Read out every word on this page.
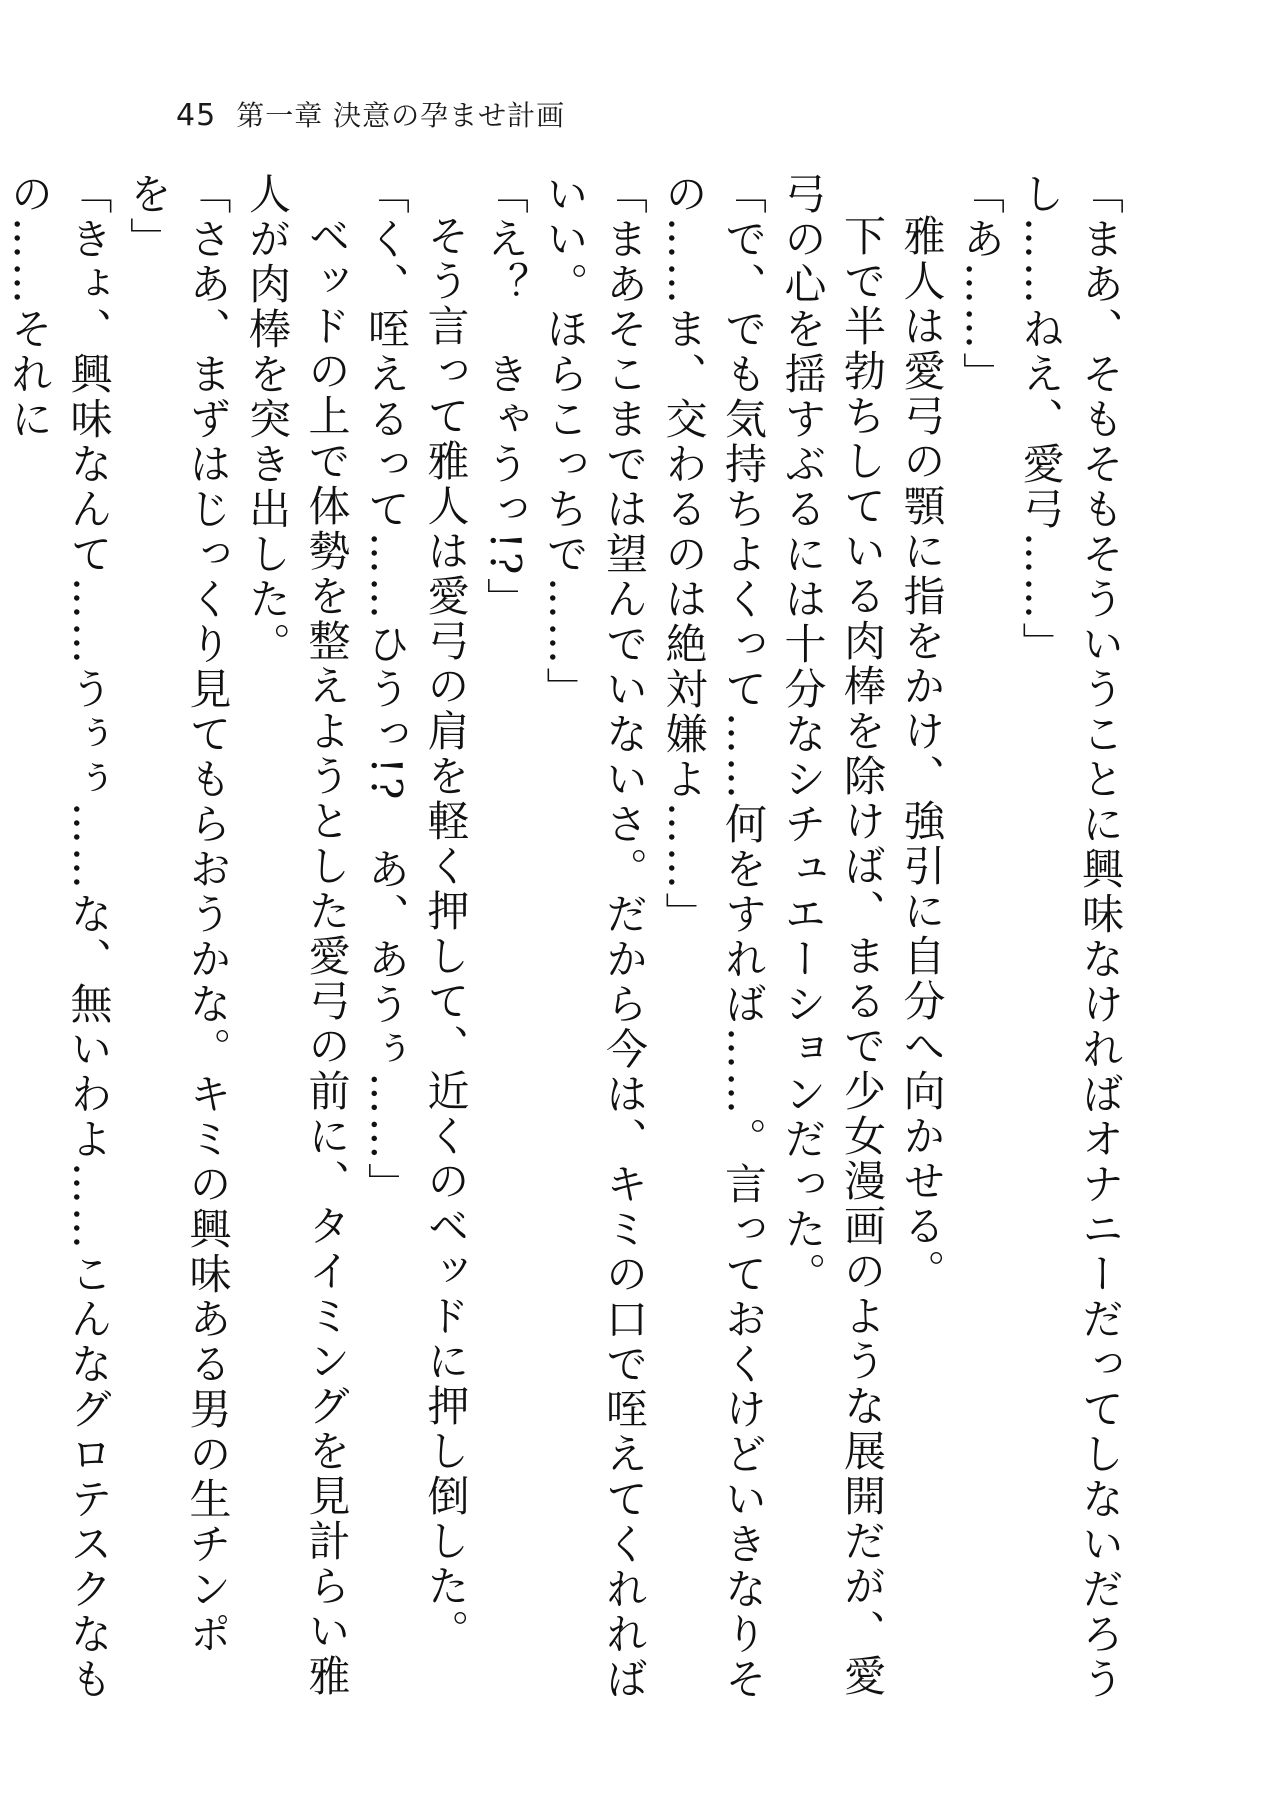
45 第一章 決意の孕ませ計画

「まあ、そもそもそういうことに興味なければオナニーだってしないだろうし……ねえ、愛弓……」

「あ……」

雅人は愛弓の顎に指をかけ、強引に自分へ向かせる。

下で半勃ちしている肉棒を除けば、まるで少女漫画のような展開だが、愛弓の心を揺すぶるには十分なシチュエーションだった。

「で、でも気持ちよくって……何をすれば……。言っておくけどいきなりその……ま、交わるのは絶対嫌よ……」

「まあそこまでは望んでいないさ。だから今は、キミの口で咥えてくれればいい。ほらこっちで……」

「え？　きゃうっ!?」

そう言って雅人は愛弓の肩を軽く押して、近くのベッドに押し倒した。

「く、咥えるって……ひうっ!?　あ、あうぅ……」

ベッドの上で体勢を整えようとした愛弓の前に、タイミングを見計らい雅人が肉棒を突き出した。

「さあ、まずはじっくり見てもらおうかな。キミの興味ある男の生チンポを」

「きょ、興味なんて……うぅぅ……な、無いわよ……こんなグロテスクなもの……それに
